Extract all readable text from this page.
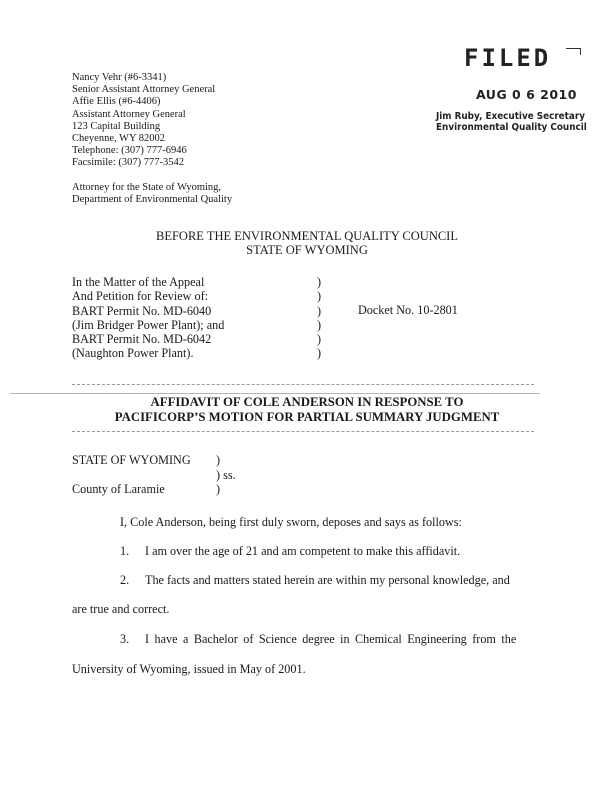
Nancy Vehr (#6-3341)
Senior Assistant Attorney General
Affie Ellis (#6-4406)
Assistant Attorney General
123 Capital Building
Cheyenne, WY 82002
Telephone: (307) 777-6946
Facsimile: (307) 777-3542
Attorney for the State of Wyoming,
Department of Environmental Quality
FILED
AUG 0 6 2010
Jim Ruby, Executive Secretary
Environmental Quality Council
BEFORE THE ENVIRONMENTAL QUALITY COUNCIL
STATE OF WYOMING
In the Matter of the Appeal
And Petition for Review of:
BART Permit No. MD-6040
(Jim Bridger Power Plant); and
BART Permit No. MD-6042
(Naughton Power Plant).
)
)
)
)
)
)
Docket No. 10-2801
AFFIDAVIT OF COLE ANDERSON IN RESPONSE TO
PACIFICORP’S MOTION FOR PARTIAL SUMMARY JUDGMENT
STATE OF WYOMING )
) ss.
County of Laramie	)
I, Cole Anderson, being first duly sworn, deposes and says as follows:
1. I am over the age of 21 and am competent to make this affidavit.
2. The facts and matters stated herein are within my personal knowledge, and
are true and correct.
3. I have a Bachelor of Science degree in Chemical Engineering from the
University of Wyoming, issued in May of 2001.
